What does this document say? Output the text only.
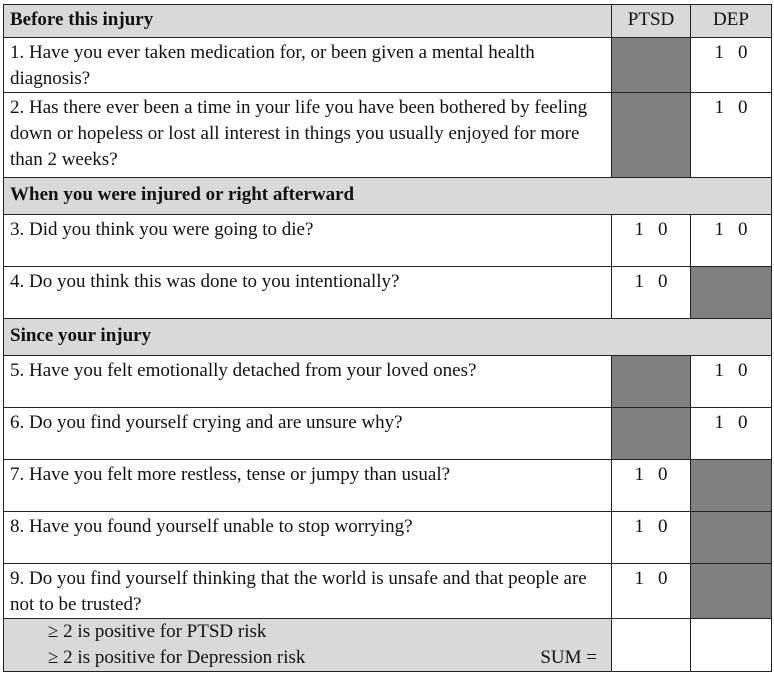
Before this injury	PTSD	DEP
1. Have you ever taken medication for, or been given a mental health diagnosis?		1 0
2. Has there ever been a time in your life you have been bothered by feeling down or hopeless or lost all interest in things you usually enjoyed for more than 2 weeks?		1 0
When you were injured or right afterward		
3. Did you think you were going to die?	1 0	1 0
4. Do you think this was done to you intentionally?	1 0	
Since your injury		
5. Have you felt emotionally detached from your loved ones?		1 0
6. Do you find yourself crying and are unsure why?		1 0
7. Have you felt more restless, tense or jumpy than usual?	1 0	
8. Have you found yourself unable to stop worrying?	1 0	
9. Do you find yourself thinking that the world is unsafe and that people are not to be trusted?	1 0	

≥ 2 is positive for PTSD risk
≥ 2 is positive for Depression risk SUM =		
